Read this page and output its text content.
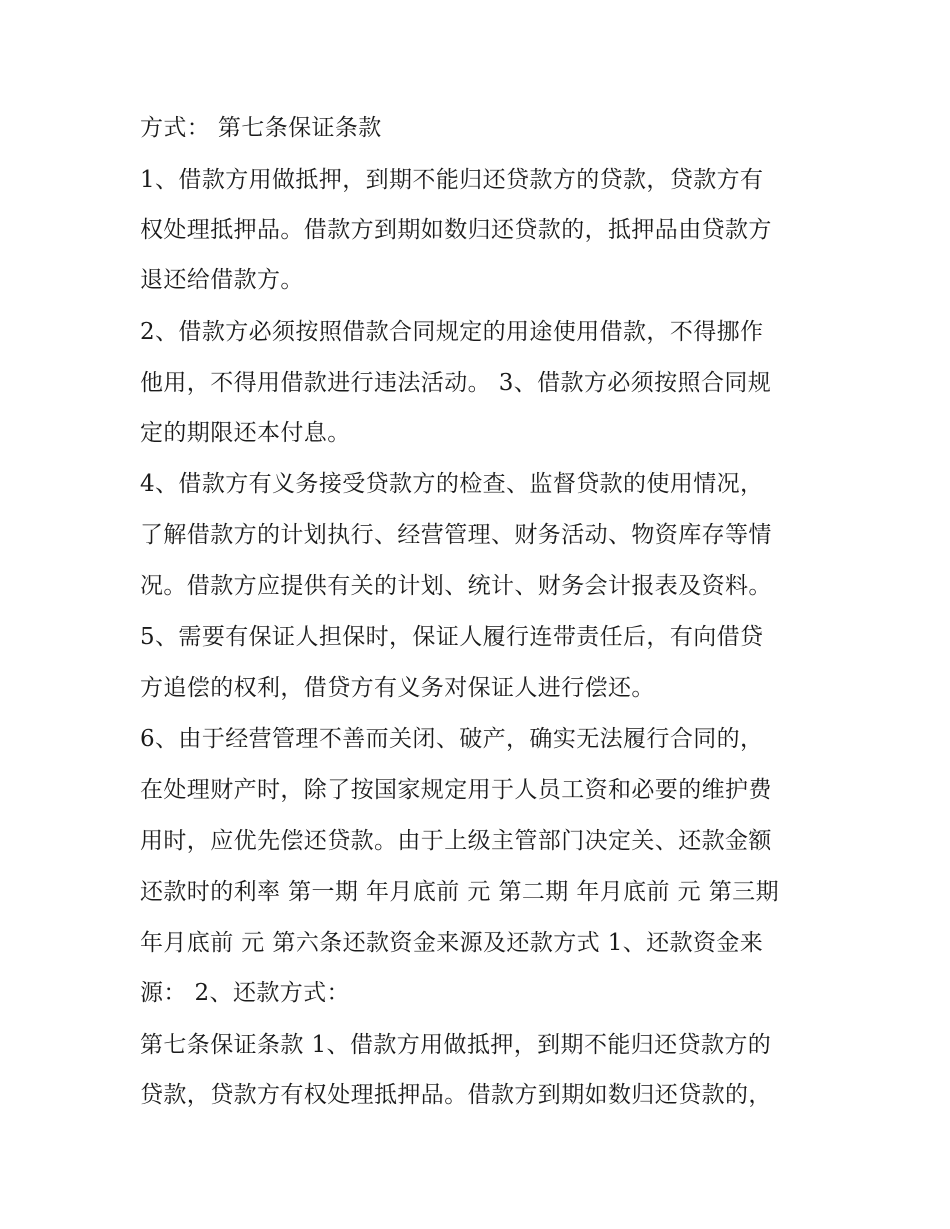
方式： 第七条保证条款
1、借款方用做抵押，到期不能归还贷款方的贷款，贷款方有
权处理抵押品。借款方到期如数归还贷款的，抵押品由贷款方
退还给借款方。
2、借款方必须按照借款合同规定的用途使用借款，不得挪作
他用，不得用借款进行违法活动。 3、借款方必须按照合同规
定的期限还本付息。
4、借款方有义务接受贷款方的检查、监督贷款的使用情况，
了解借款方的计划执行、经营管理、财务活动、物资库存等情
况。借款方应提供有关的计划、统计、财务会计报表及资料。
5、需要有保证人担保时，保证人履行连带责任后，有向借贷
方追偿的权利，借贷方有义务对保证人进行偿还。
6、由于经营管理不善而关闭、破产，确实无法履行合同的，
在处理财产时，除了按国家规定用于人员工资和必要的维护费
用时，应优先偿还贷款。由于上级主管部门决定关、还款金额
还款时的利率 第一期 年月底前 元 第二期 年月底前 元 第三期
年月底前 元 第六条还款资金来源及还款方式 1、还款资金来
源： 2、还款方式：
第七条保证条款 1、借款方用做抵押，到期不能归还贷款方的
贷款，贷款方有权处理抵押品。借款方到期如数归还贷款的，
